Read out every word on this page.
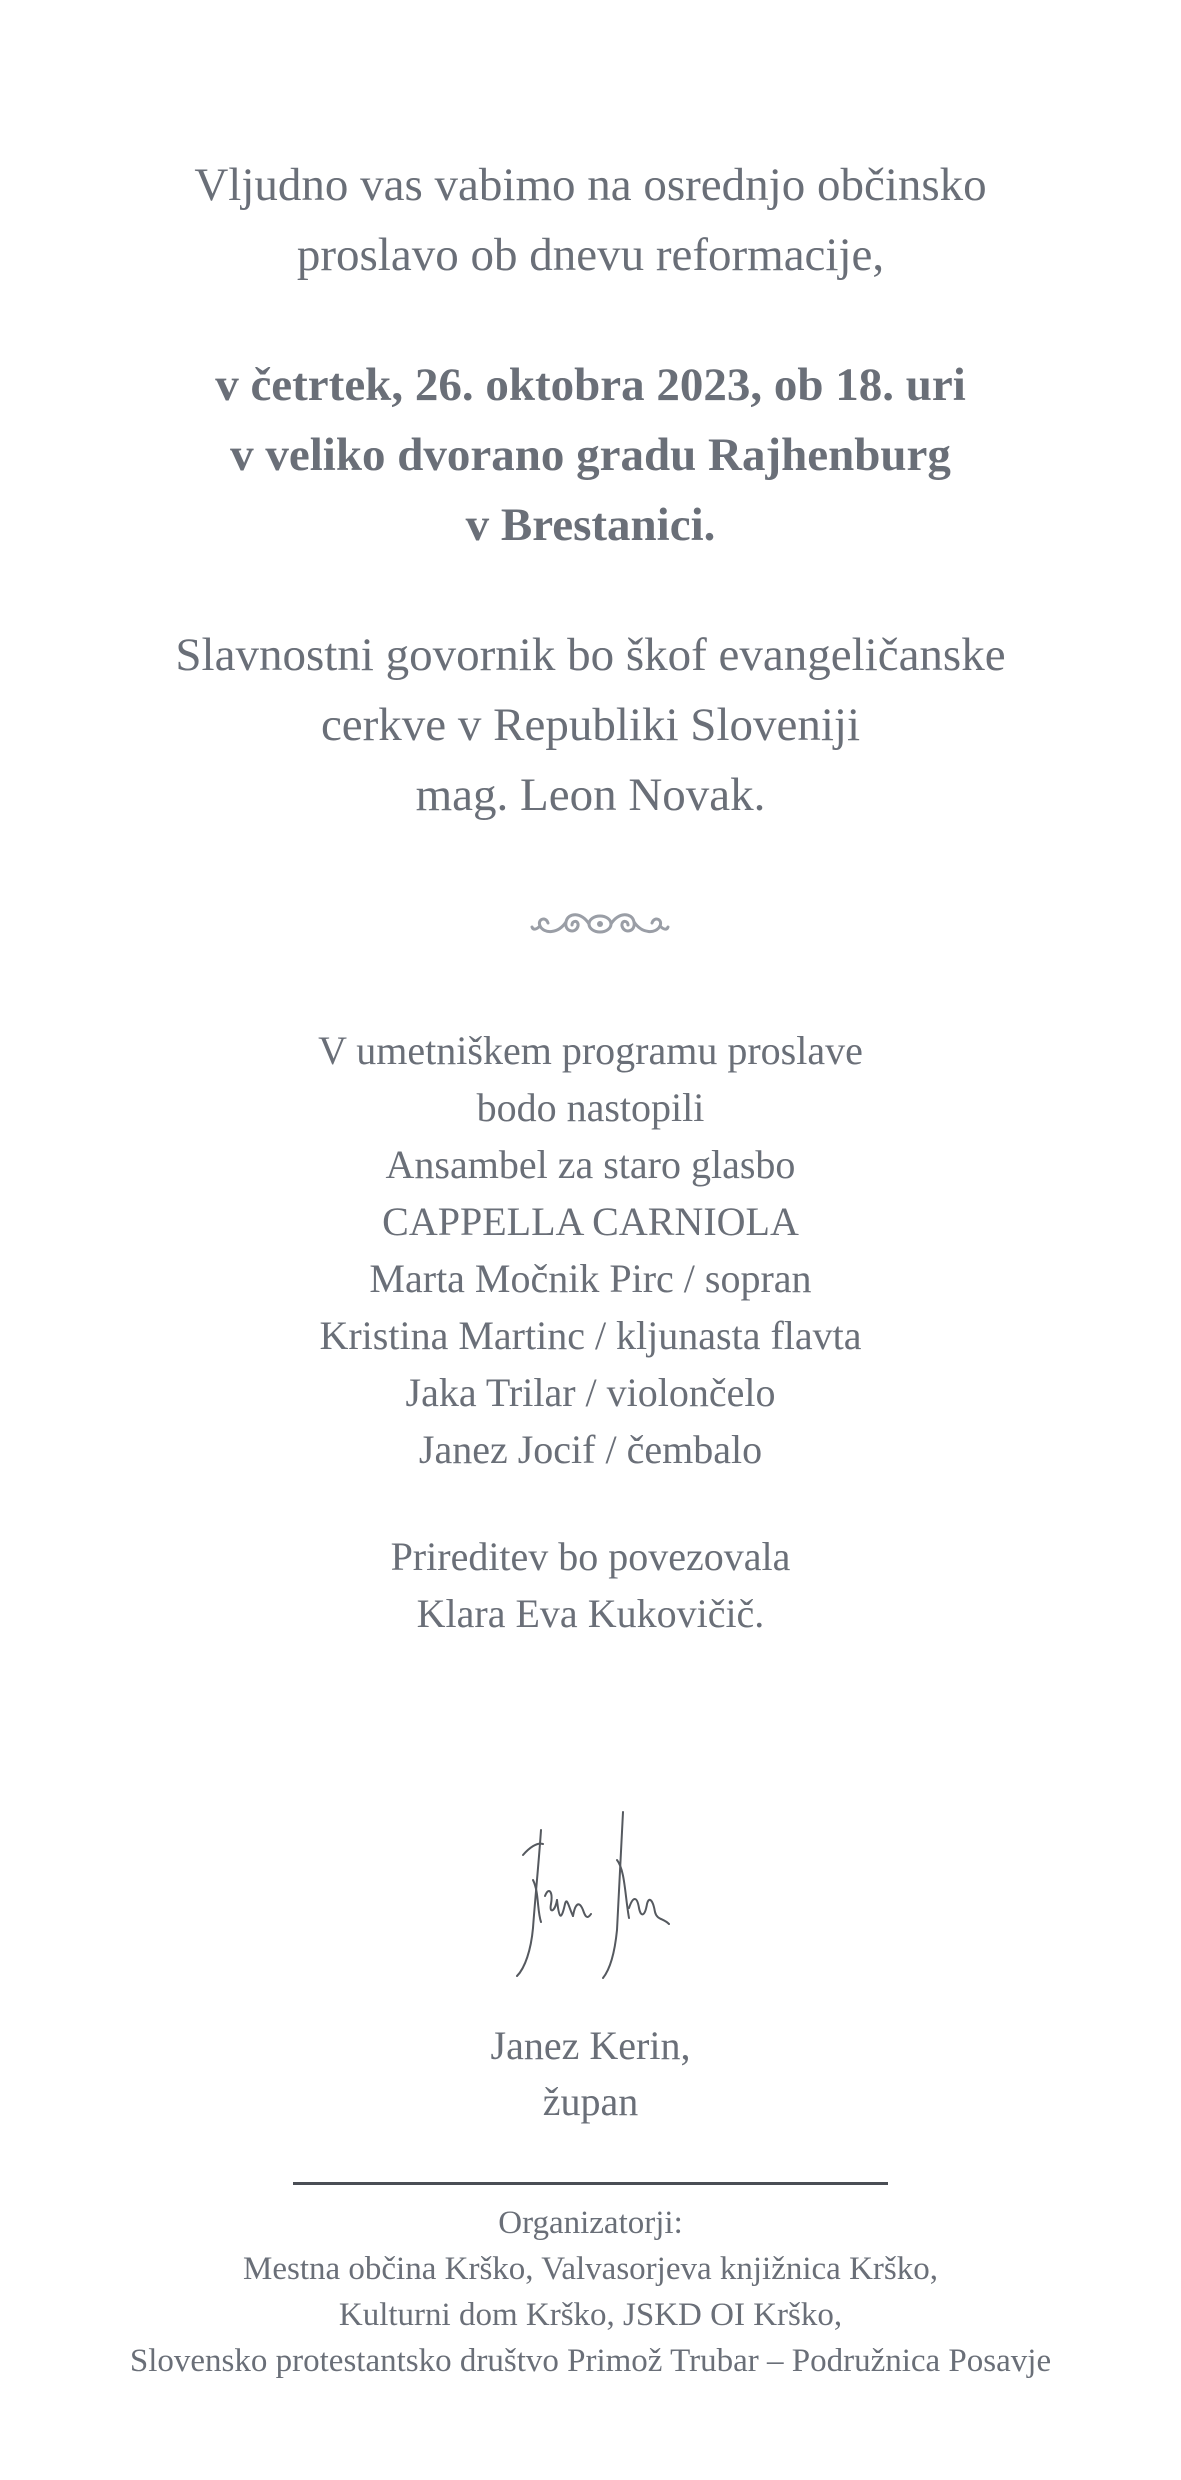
Vljudno vas vabimo na osrednjo občinsko
proslavo ob dnevu reformacije,
v četrtek, 26. oktobra 2023, ob 18. uri
v veliko dvorano gradu Rajhenburg
v Brestanici.
Slavnostni govornik bo škof evangeličanske
cerkve v Republiki Sloveniji
mag. Leon Novak.
V umetniškem programu proslave
bodo nastopili
Ansambel za staro glasbo
CAPPELLA CARNIOLA
Marta Močnik Pirc / sopran
Kristina Martinc / kljunasta flavta
Jaka Trilar / violončelo
Janez Jocif / čembalo
Prireditev bo povezovala
Klara Eva Kukovičič.
Janez Kerin,
župan
Organizatorji:
Mestna občina Krško, Valvasorjeva knjižnica Krško,
Kulturni dom Krško, JSKD OI Krško,
Slovensko protestantsko društvo Primož Trubar – Podružnica Posavje
